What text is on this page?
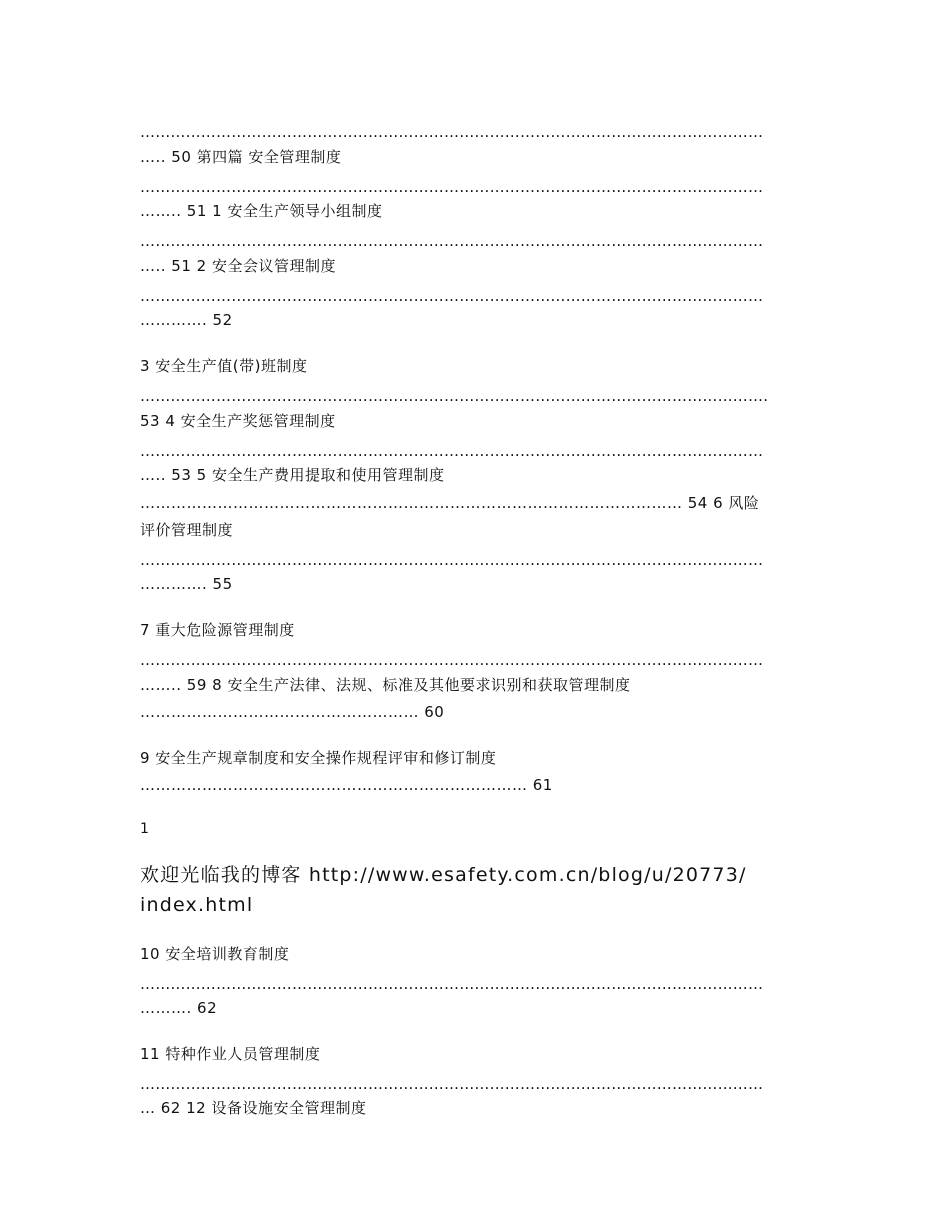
……………………………………………………………………………………………………………
….. 50 第四篇 安全管理制度
……………………………………………………………………………………………………………
…….. 51 1 安全生产领导小组制度
……………………………………………………………………………………………………………
….. 51 2 安全会议管理制度
……………………………………………………………………………………………………………
…………. 52
3 安全生产值(带)班制度
…………………………………………………………………………………………………………….
53 4 安全生产奖惩管理制度
……………………………………………………………………………………………………………
….. 53 5 安全生产费用提取和使用管理制度
…………………………………………………………………………………………… 54 6 风险
评价管理制度
……………………………………………………………………………………………………………
…………. 55
7 重大危险源管理制度
……………………………………………………………………………………………………………
…….. 59 8 安全生产法律、法规、标准及其他要求识别和获取管理制度
……………………………………………… 60
9 安全生产规章制度和安全操作规程评审和修订制度
………………………………………………………………… 61
1
欢迎光临我的博客 http://www.esafety.com.cn/blog/u/20773/
index.html
10 安全培训教育制度
……………………………………………………………………………………………………………
………. 62
11 特种作业人员管理制度
……………………………………………………………………………………………………………
… 62 12 设备设施安全管理制度
